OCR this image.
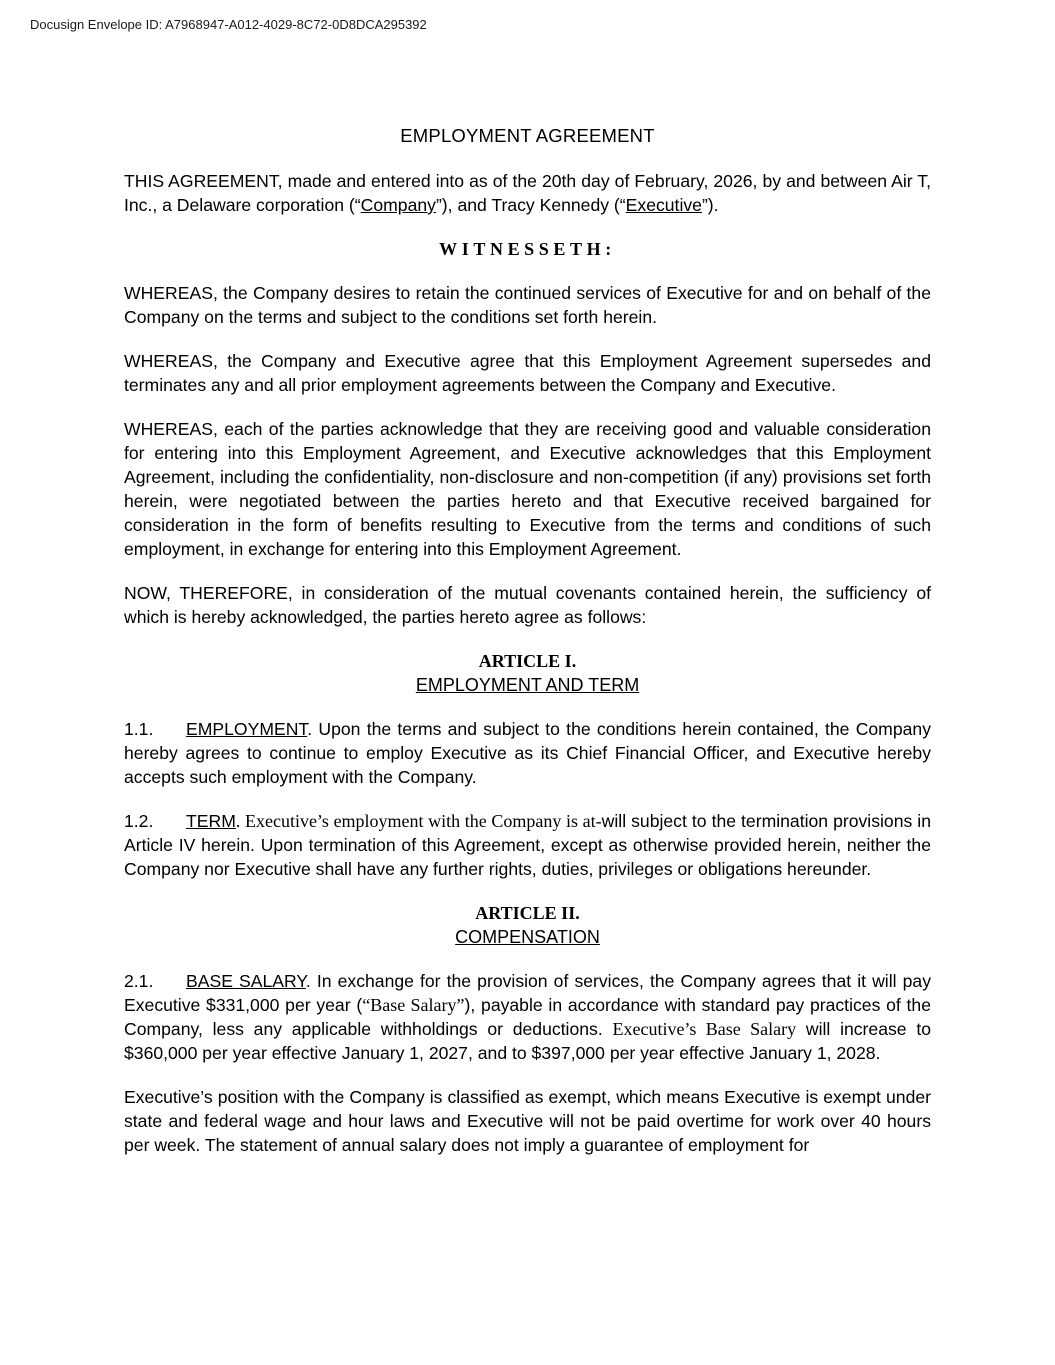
Docusign Envelope ID: A7968947-A012-4029-8C72-0D8DCA295392
EMPLOYMENT AGREEMENT

THIS AGREEMENT, made and entered into as of the 20th day of February, 2026, by and between Air T, Inc., a Delaware corporation (“Company”), and Tracy Kennedy (“Executive”).

WITNESSETH:

WHEREAS, the Company desires to retain the continued services of Executive for and on behalf of the Company on the terms and subject to the conditions set forth herein.

WHEREAS, the Company and Executive agree that this Employment Agreement supersedes and terminates any and all prior employment agreements between the Company and Executive.

WHEREAS, each of the parties acknowledge that they are receiving good and valuable consideration for entering into this Employment Agreement, and Executive acknowledges that this Employment Agreement, including the confidentiality, non-disclosure and non-competition (if any) provisions set forth herein, were negotiated between the parties hereto and that Executive received bargained for consideration in the form of benefits resulting to Executive from the terms and conditions of such employment, in exchange for entering into this Employment Agreement.

NOW, THEREFORE, in consideration of the mutual covenants contained herein, the sufficiency of which is hereby acknowledged, the parties hereto agree as follows:

ARTICLE I.
EMPLOYMENT AND TERM

1.1. EMPLOYMENT. Upon the terms and subject to the conditions herein contained, the Company hereby agrees to continue to employ Executive as its Chief Financial Officer, and Executive hereby accepts such employment with the Company.

1.2. TERM. Executive’s employment with the Company is at-will subject to the termination provisions in Article IV herein. Upon termination of this Agreement, except as otherwise provided herein, neither the Company nor Executive shall have any further rights, duties, privileges or obligations hereunder.

ARTICLE II.
COMPENSATION

2.1. BASE SALARY. In exchange for the provision of services, the Company agrees that it will pay Executive $331,000 per year (“Base Salary”), payable in accordance with standard pay practices of the Company, less any applicable withholdings or deductions. Executive’s Base Salary will increase to $360,000 per year effective January 1, 2027, and to $397,000 per year effective January 1, 2028.

Executive’s position with the Company is classified as exempt, which means Executive is exempt under state and federal wage and hour laws and Executive will not be paid overtime for work over 40 hours per week. The statement of annual salary does not imply a guarantee of employment for
